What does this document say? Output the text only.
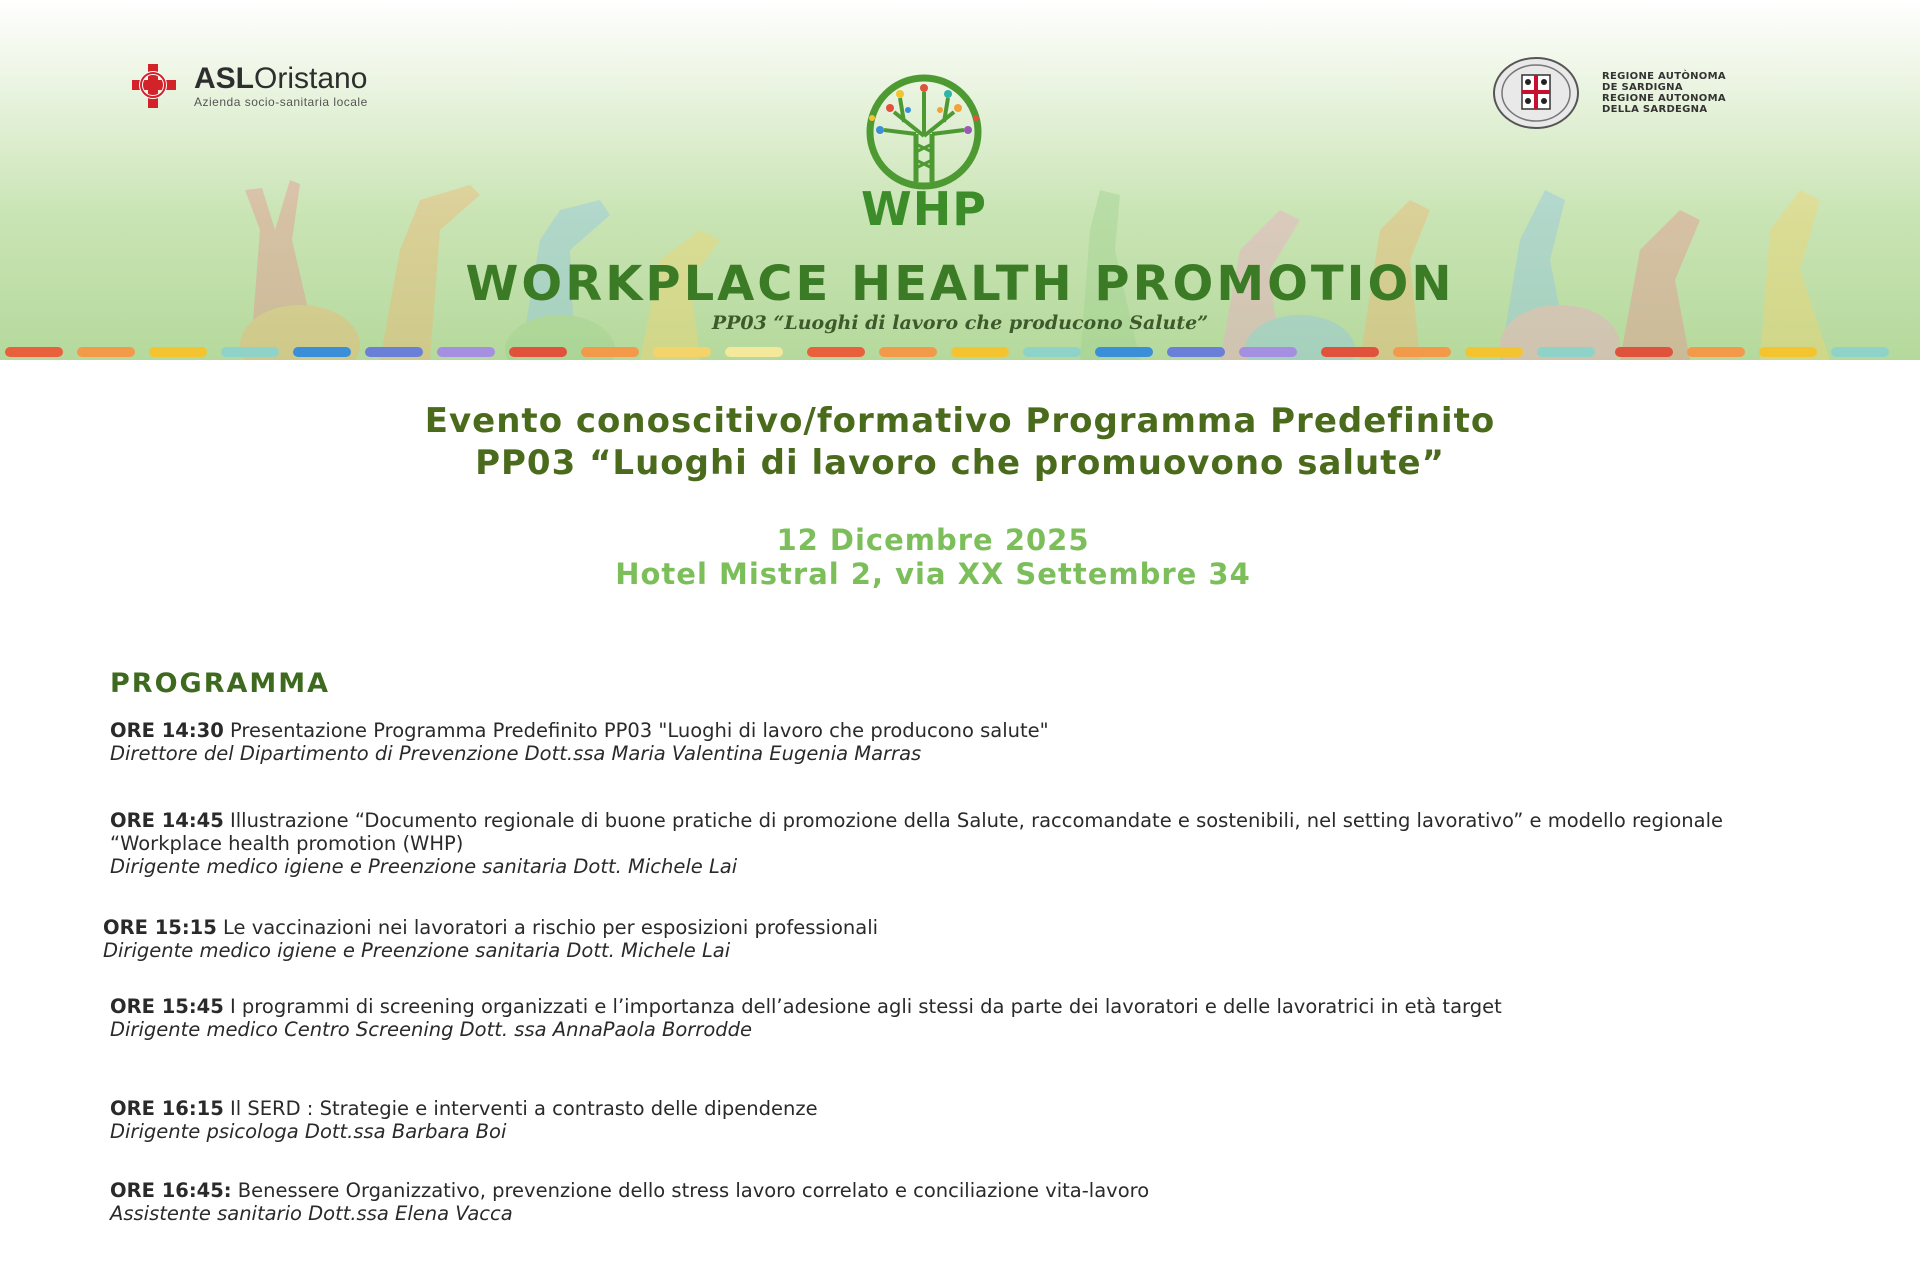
ASLOristano
Azienda socio-sanitaria locale
REGIONE AUTÒNOMA
DE SARDIGNA
REGIONE AUTONOMA
DELLA SARDEGNA
WHP
WORKPLACE HEALTH PROMOTION
PP03 “Luoghi di lavoro che producono Salute”
Evento conoscitivo/formativo Programma Predefinito
PP03 “Luoghi di lavoro che promuovono salute”
12 Dicembre 2025
Hotel Mistral 2, via XX Settembre 34
PROGRAMMA
ORE 14:30 Presentazione Programma Predefinito PP03 "Luoghi di lavoro che producono salute"
Direttore del Dipartimento di Prevenzione Dott.ssa Maria Valentina Eugenia Marras
ORE 14:45 Illustrazione “Documento regionale di buone pratiche di promozione della Salute, raccomandate e sostenibili, nel setting lavorativo” e modello regionale “Workplace health promotion (WHP)
Dirigente medico igiene e Preenzione sanitaria Dott. Michele Lai
ORE 15:15 Le vaccinazioni nei lavoratori a rischio per esposizioni professionali
Dirigente medico igiene e Preenzione sanitaria Dott. Michele Lai
ORE 15:45 I programmi di screening organizzati e l’importanza dell’adesione agli stessi da parte dei lavoratori e delle lavoratrici in età target
Dirigente medico Centro Screening Dott. ssa AnnaPaola Borrodde
ORE 16:15 Il SERD : Strategie e interventi a contrasto delle dipendenze
Dirigente psicologa Dott.ssa Barbara Boi
ORE 16:45: Benessere Organizzativo, prevenzione dello stress lavoro correlato e conciliazione vita-lavoro
Assistente sanitario Dott.ssa Elena Vacca
